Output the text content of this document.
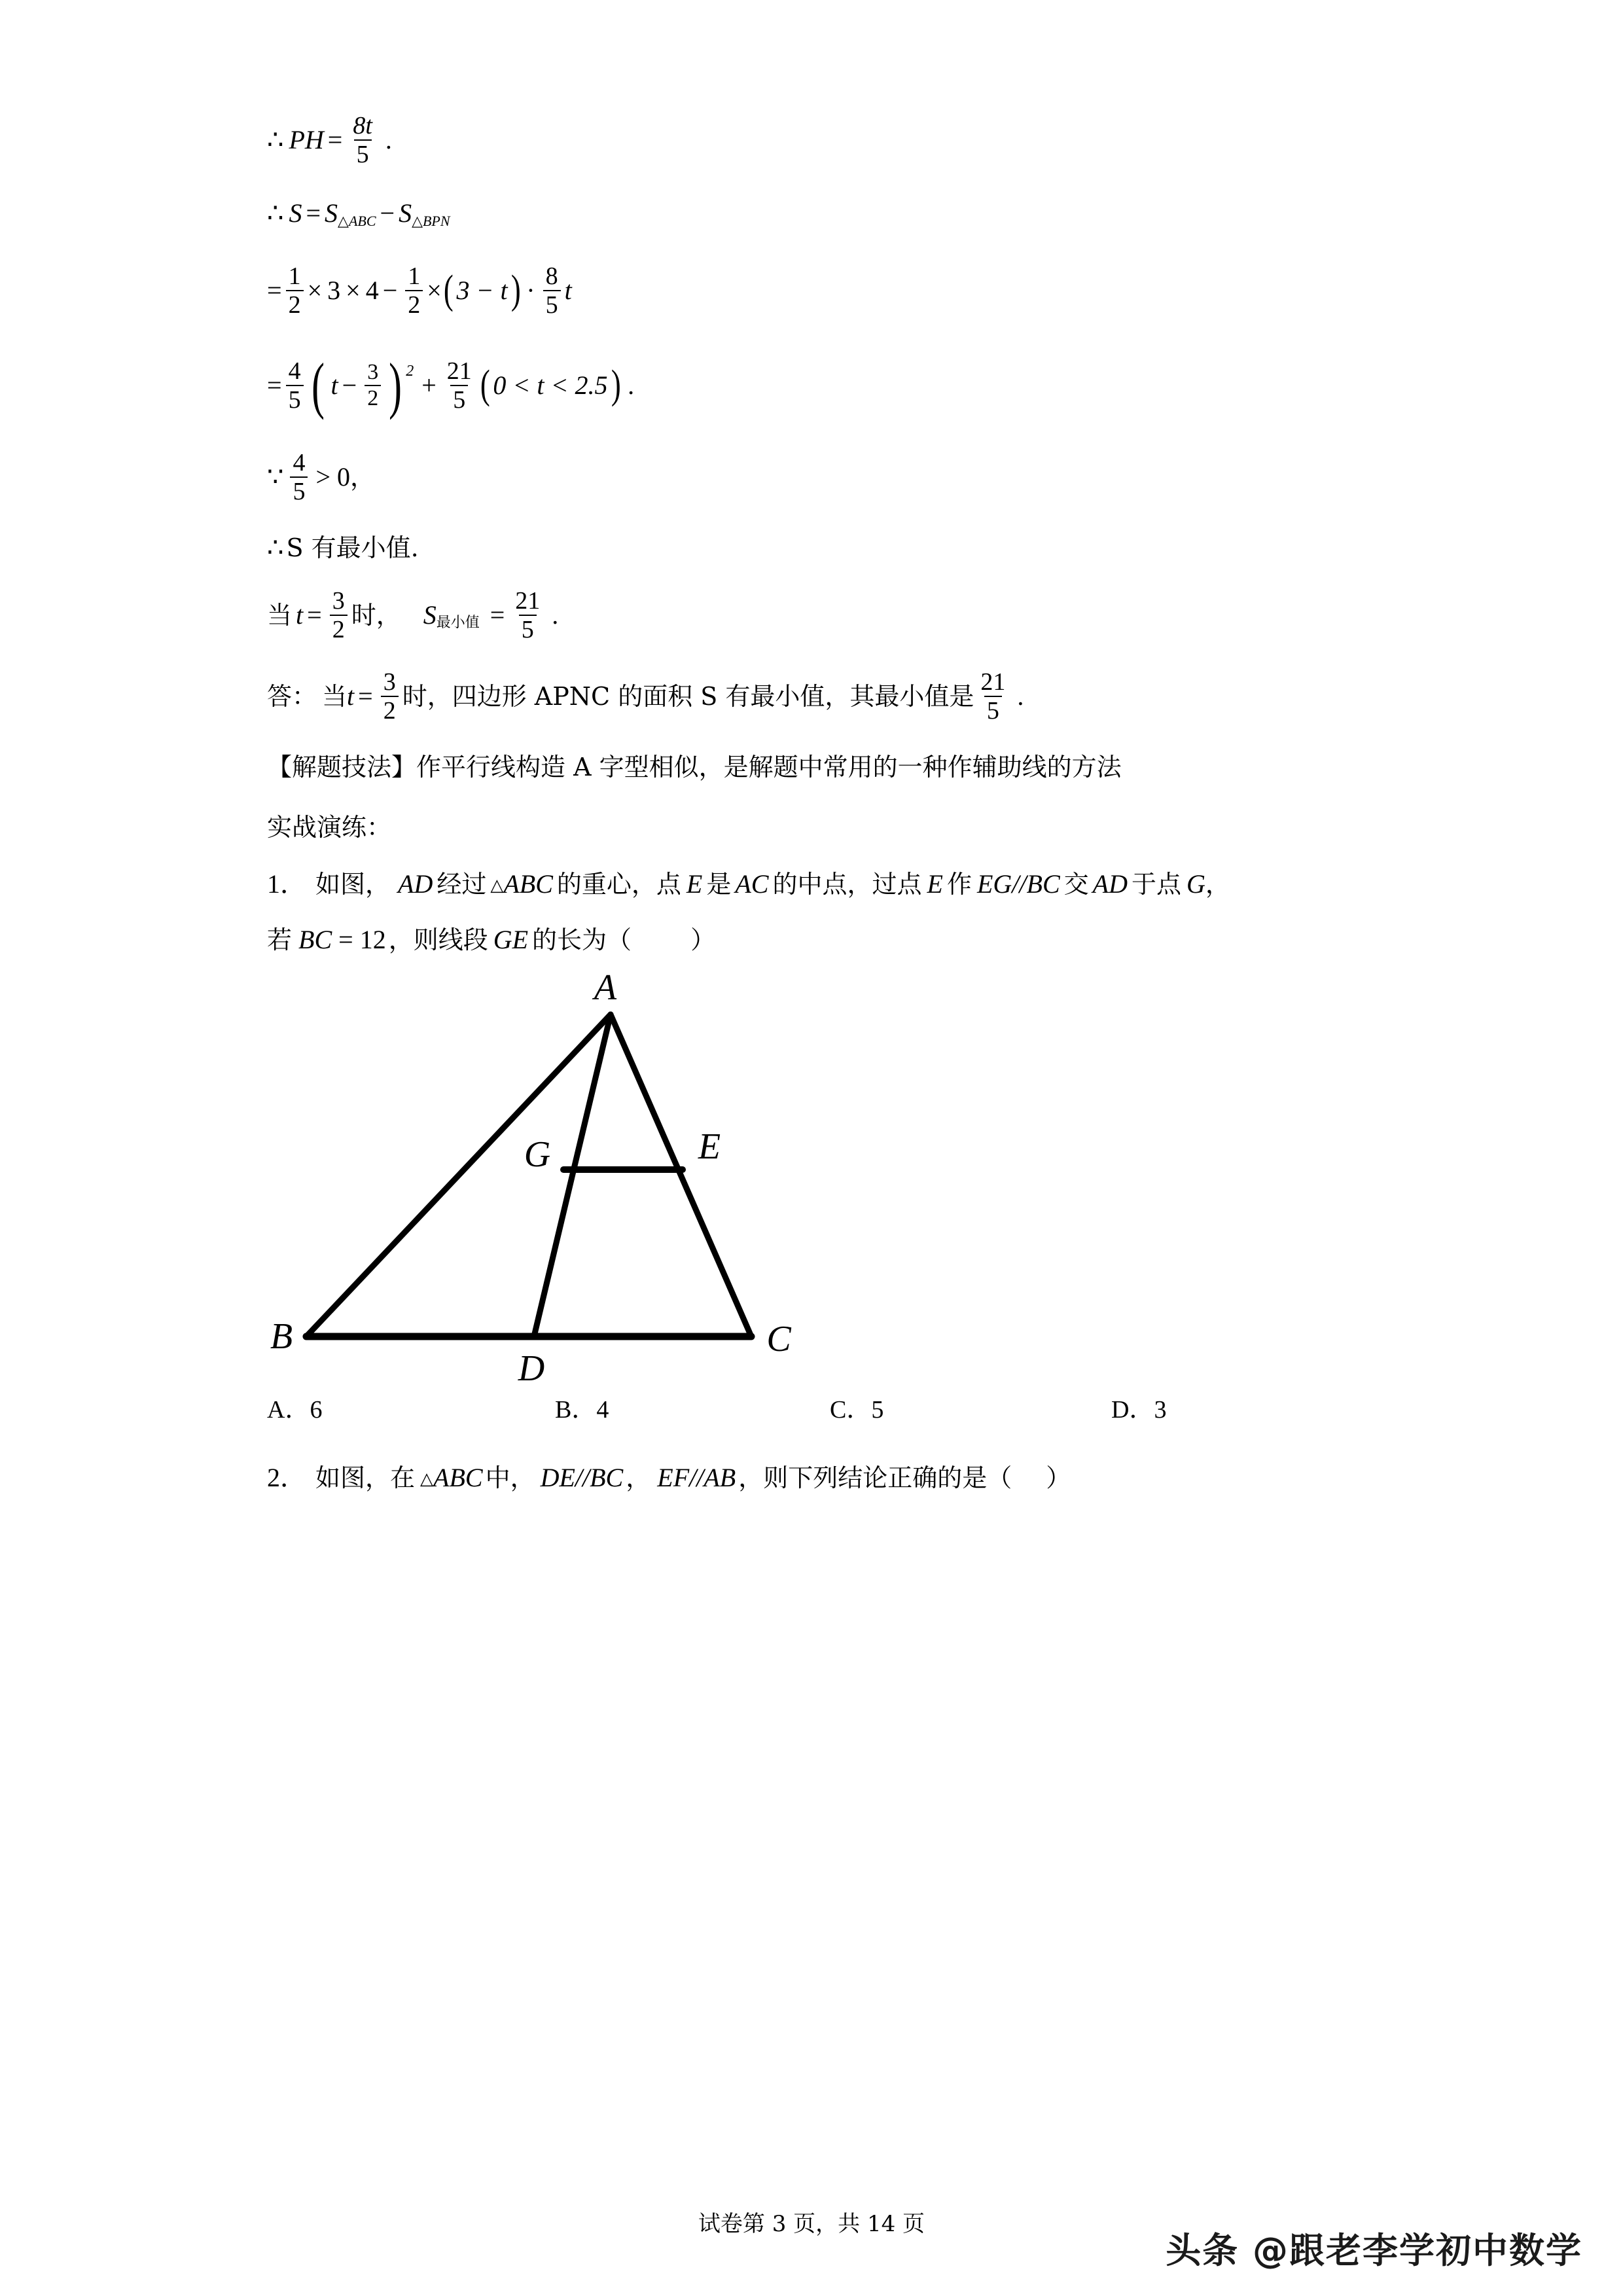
∴ PH = $\frac{8t}{5}$ .
∴ S = S △ ABC − S △ BPN
= $\frac{1}{2} \times 3 \times 4 - \frac{1}{2}$ × ( 3 − t ) · $\frac{8}{5}$ t
= $\frac{4}{5}$ ( $t - \frac{3}{2}$ ) $2 + \frac{21}{5}$ ( 0 < t < 2.5 ) .
∵ $\frac{4}{5} > 0$ ，
∴ S 有最小值.
当 $t = \frac{3}{2}$ 时， S 最小值 = $\frac{21}{5}$ .
答： 当 $t = \frac{3}{2}$ 时，四边形 APNC 的面积 S 有最小值，其最小值是 $\frac{21}{5}$ .
【解题技法】作平行线构造 A 字型相似，是解题中常用的一种作辅助线的方法
实战演练：
1． 如图， AD 经过 △ ABC 的重心，点 E 是 AC 的中点，过点 E 作 EG//BC 交 AD 于点 G ，
若 BC = 12 ，则线段 GE 的长为（ ）
A
B	C
D
G	E
A．6	B．4	C．5	D．3
2． 如图，在 △ ABC 中， DE//BC ， EF//AB ，则下列结论正确的是（ ）
试卷第 3 页，共 14 页
头条 @跟老李学初中数学
